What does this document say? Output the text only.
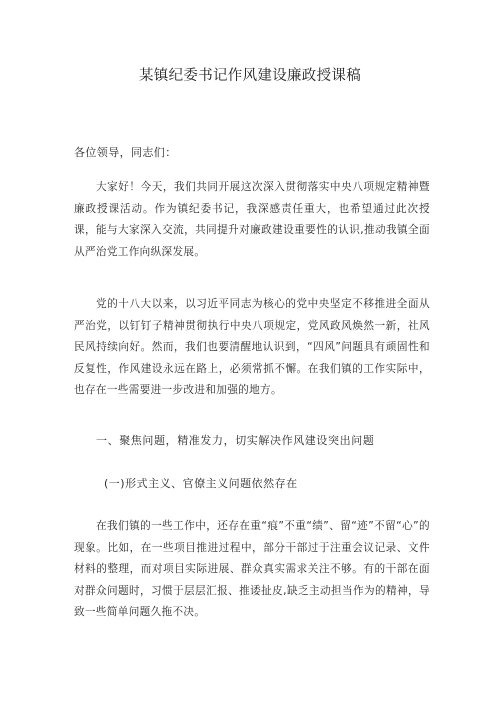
某镇纪委书记作风建设廉政授课稿
各位领导，同志们：

大家好！今天，我们共同开展这次深入贯彻落实中央八项规定精神暨廉政授课活动。作为镇纪委书记，我深感责任重大，也希望通过此次授课，能与大家深入交流，共同提升对廉政建设重要性的认识,推动我镇全面从严治党工作向纵深发展。

党的十八大以来，以习近平同志为核心的党中央坚定不移推进全面从严治党，以钉钉子精神贯彻执行中央八项规定，党风政风焕然一新，社风民风持续向好。然而，我们也要清醒地认识到，“四风”问题具有顽固性和反复性，作风建设永远在路上，必须常抓不懈。在我们镇的工作实际中，也存在一些需要进一步改进和加强的地方。

一、聚焦问题，精准发力，切实解决作风建设突出问题
(一)形式主义、官僚主义问题依然存在

在我们镇的一些工作中，还存在重“痕”不重“绩”、留“迹”不留“心”的现象。比如，在一些项目推进过程中，部分干部过于注重会议记录、文件材料的整理，而对项目实际进展、群众真实需求关注不够。有的干部在面对群众问题时，习惯于层层汇报、推诿扯皮,缺乏主动担当作为的精神，导致一些简单问题久拖不决。
